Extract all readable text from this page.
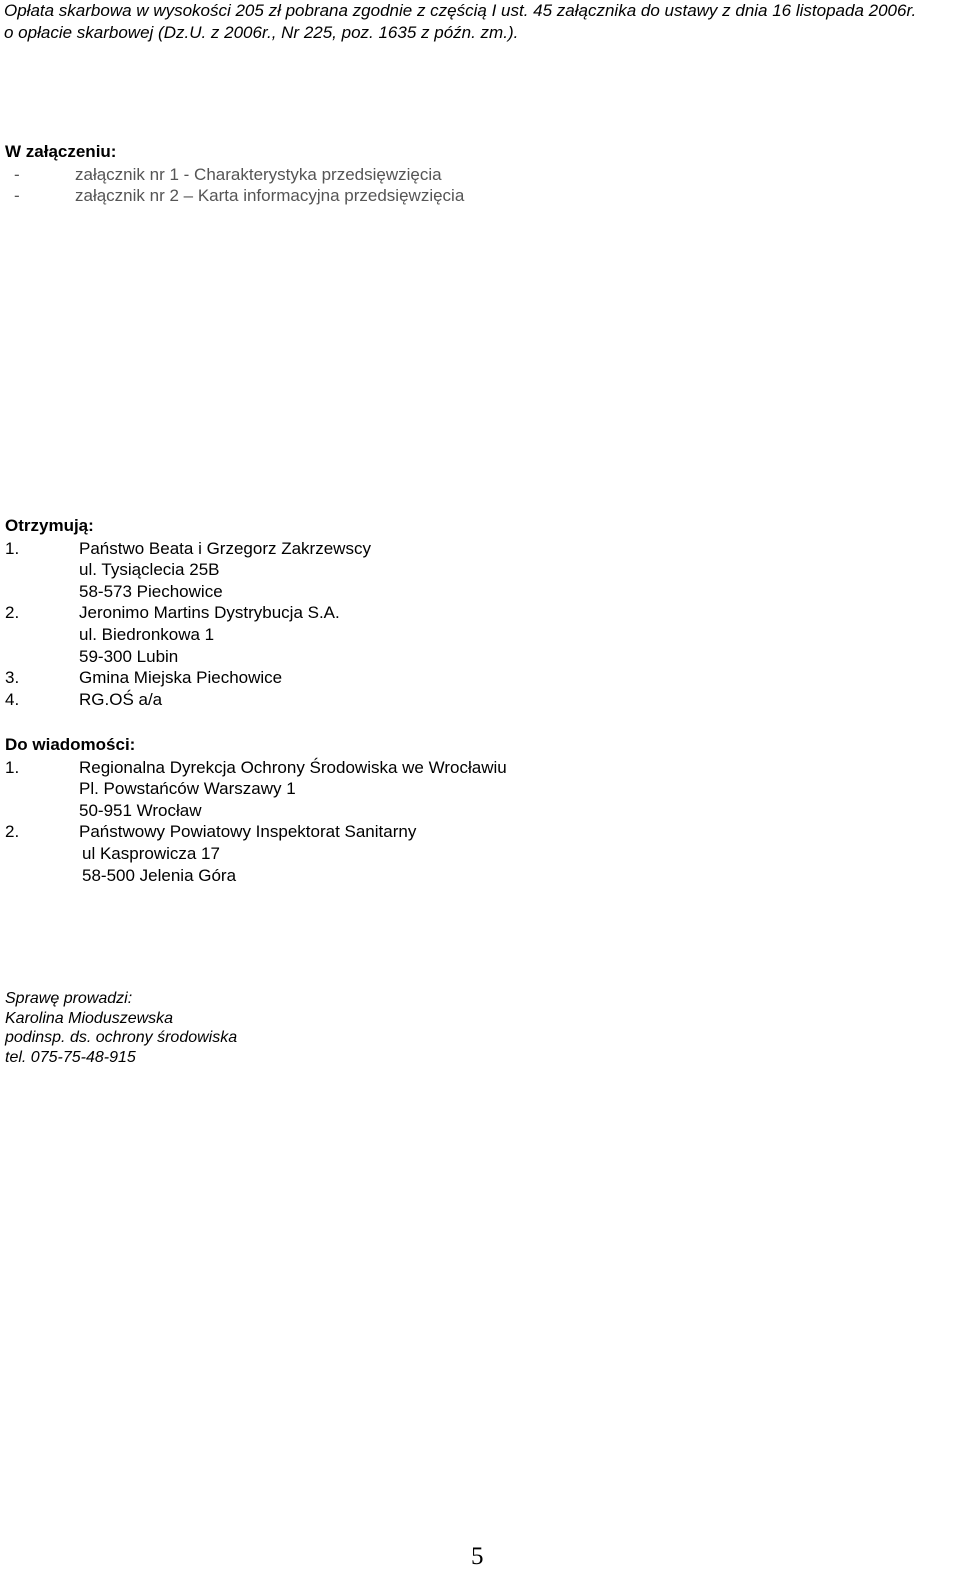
Opłata skarbowa w wysokości 205 zł pobrana zgodnie z częścią I ust. 45 załącznika do ustawy z dnia 16 listopada 2006r.
o opłacie skarbowej (Dz.U. z 2006r., Nr 225, poz. 1635 z późn. zm.).
W załączeniu:
-	załącznik nr 1 - Charakterystyka przedsięwzięcia
-	załącznik nr 2 – Karta informacyjna przedsięwzięcia
Otrzymują:
1.	Państwo Beata i Grzegorz Zakrzewscy
ul. Tysiąclecia 25B
58-573 Piechowice
2.	Jeronimo Martins Dystrybucja S.A.
ul. Biedronkowa 1
59-300 Lubin
3.	Gmina Miejska Piechowice
4.	RG.OŚ a/a
Do wiadomości:
1.	Regionalna Dyrekcja Ochrony Środowiska we Wrocławiu
Pl. Powstańców Warszawy 1
50-951 Wrocław
2.	Państwowy Powiatowy Inspektorat Sanitarny
ul Kasprowicza 17
58-500 Jelenia Góra
Sprawę prowadzi:
Karolina Mioduszewska
podinsp. ds. ochrony środowiska
tel. 075-75-48-915
5
